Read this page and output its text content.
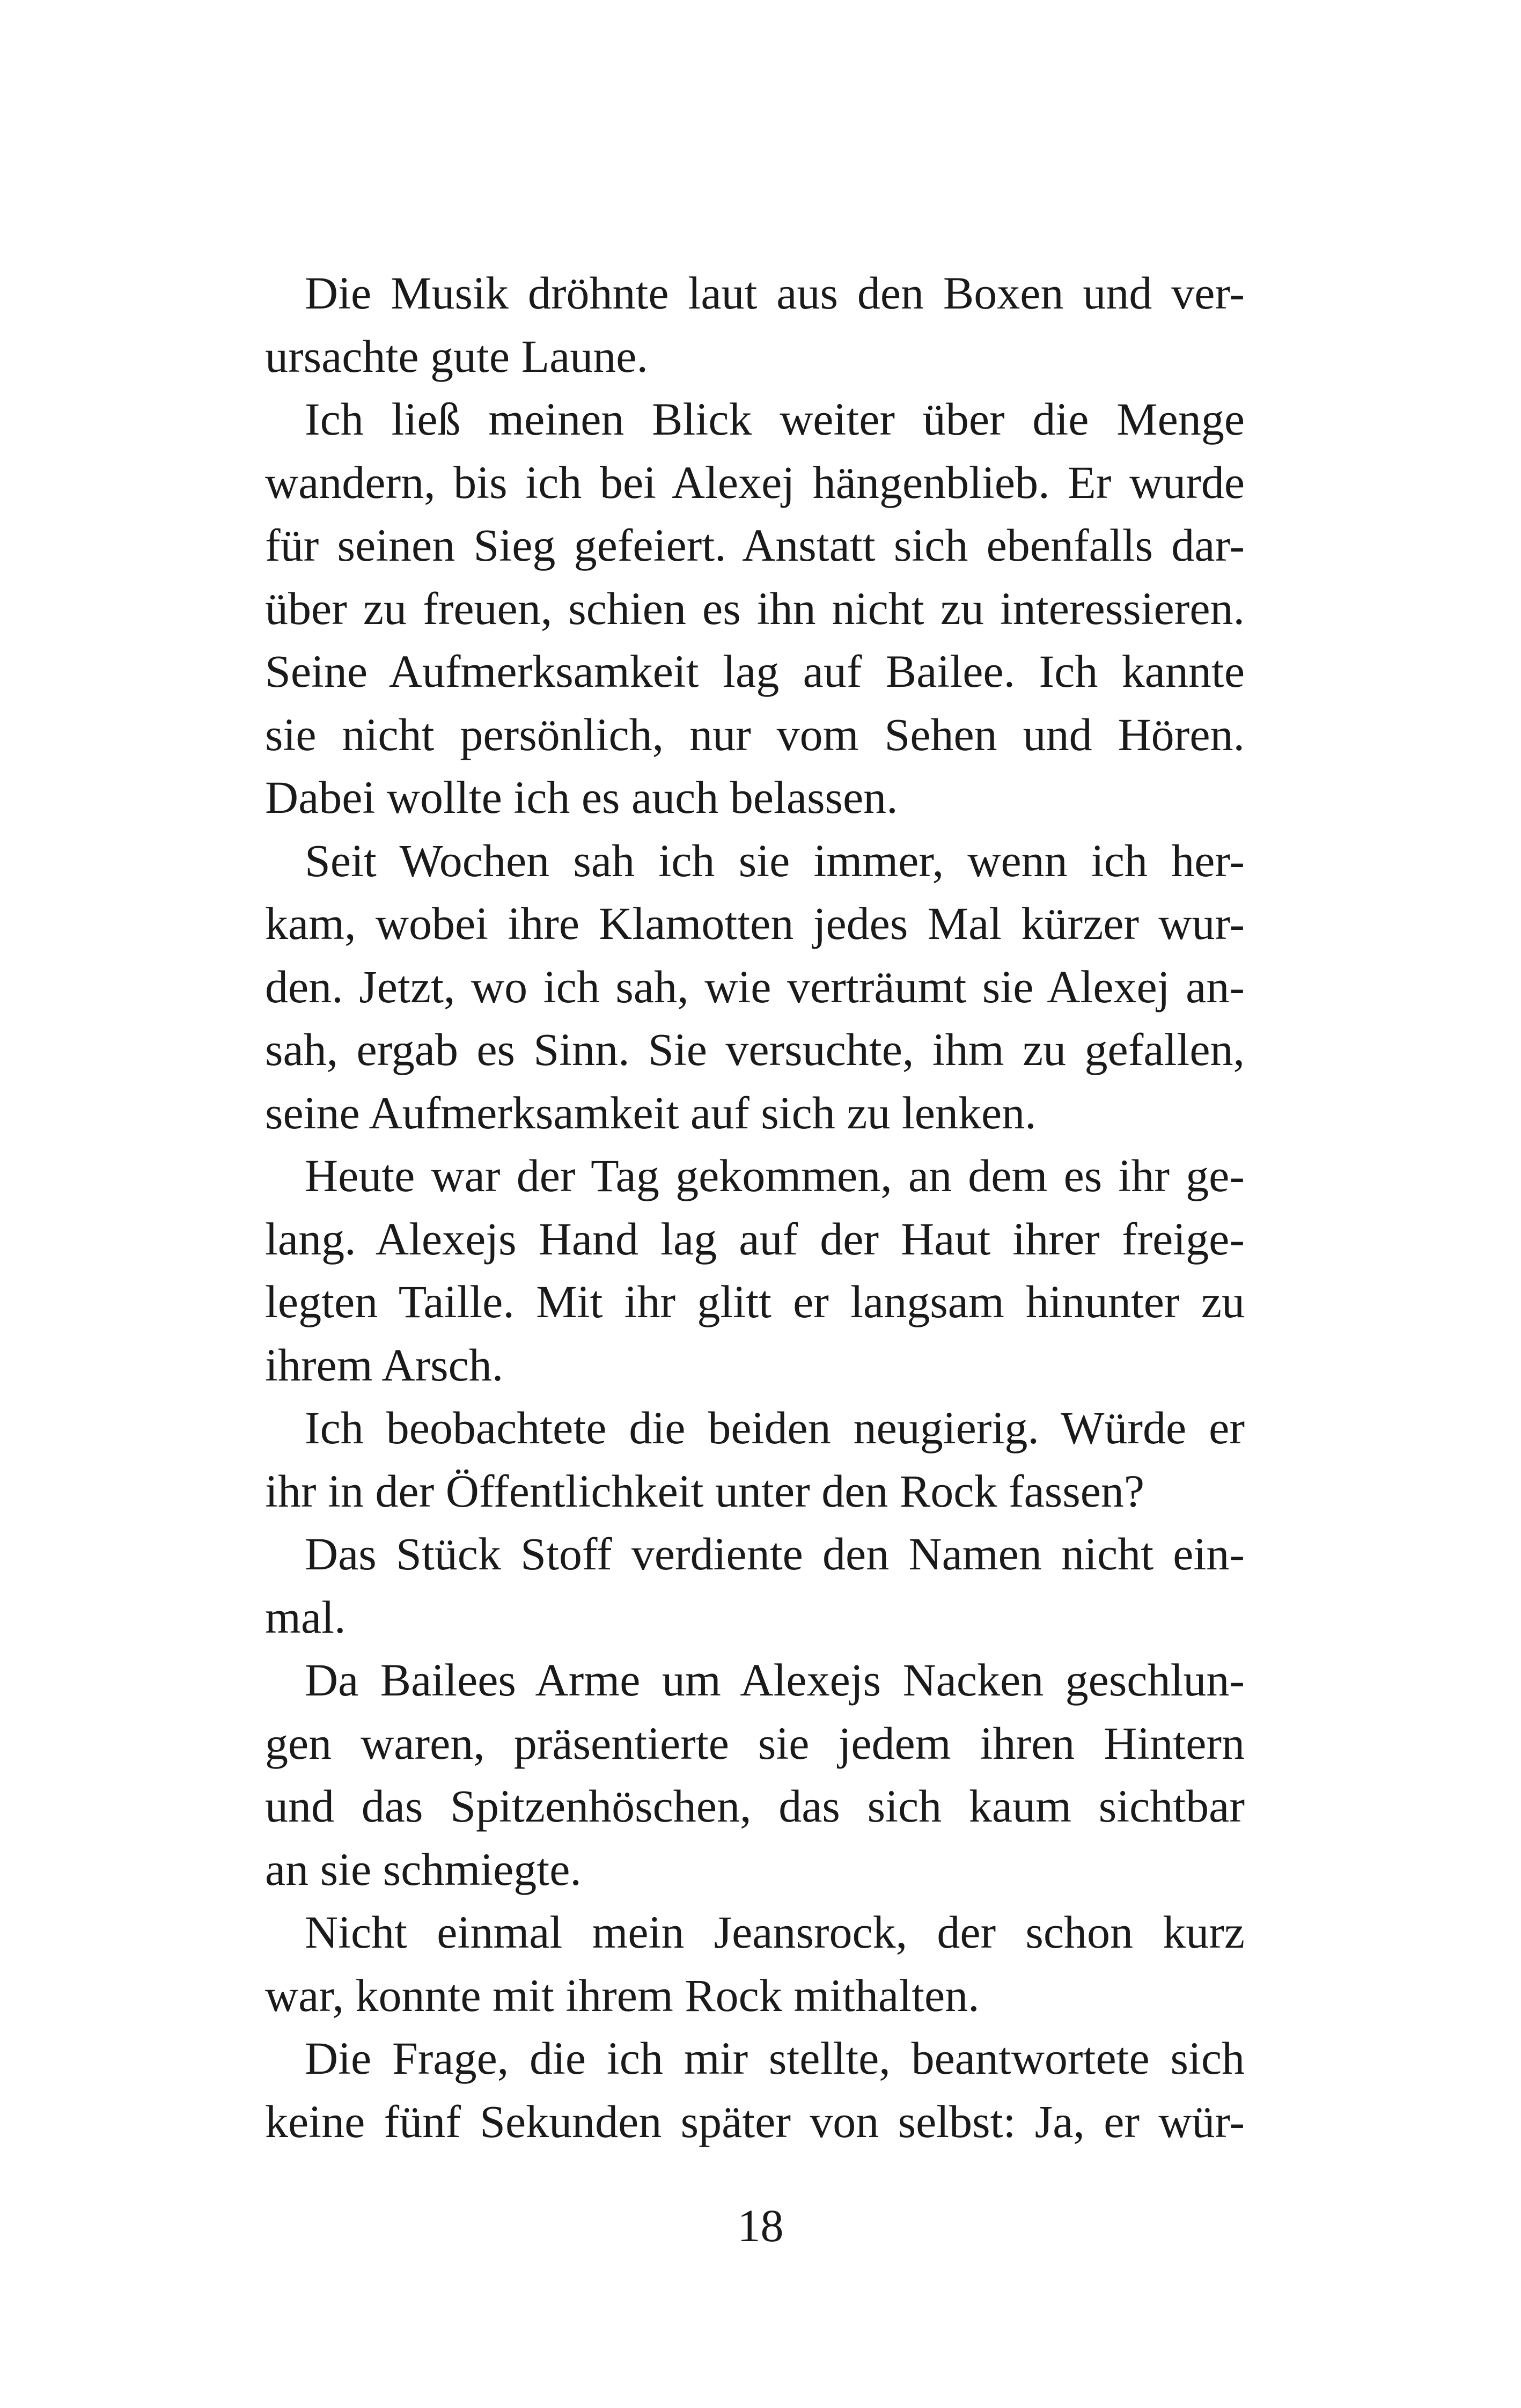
Die Musik dröhnte laut aus den Boxen und ver-
ursachte gute Laune.
Ich ließ meinen Blick weiter über die Menge
wandern, bis ich bei Alexej hängenblieb. Er wurde
für seinen Sieg gefeiert. Anstatt sich ebenfalls dar-
über zu freuen, schien es ihn nicht zu interessieren.
Seine Aufmerksamkeit lag auf Bailee. Ich kannte
sie nicht persönlich, nur vom Sehen und Hören.
Dabei wollte ich es auch belassen.
Seit Wochen sah ich sie immer, wenn ich her-
kam, wobei ihre Klamotten jedes Mal kürzer wur-
den. Jetzt, wo ich sah, wie verträumt sie Alexej an-
sah, ergab es Sinn. Sie versuchte, ihm zu gefallen,
seine Aufmerksamkeit auf sich zu lenken.
Heute war der Tag gekommen, an dem es ihr ge-
lang. Alexejs Hand lag auf der Haut ihrer freige-
legten Taille. Mit ihr glitt er langsam hinunter zu
ihrem Arsch.
Ich beobachtete die beiden neugierig. Würde er
ihr in der Öffentlichkeit unter den Rock fassen?
Das Stück Stoff verdiente den Namen nicht ein-
mal.
Da Bailees Arme um Alexejs Nacken geschlun-
gen waren, präsentierte sie jedem ihren Hintern
und das Spitzenhöschen, das sich kaum sichtbar
an sie schmiegte.
Nicht einmal mein Jeansrock, der schon kurz
war, konnte mit ihrem Rock mithalten.
Die Frage, die ich mir stellte, beantwortete sich
keine fünf Sekunden später von selbst: Ja, er wür-
18
